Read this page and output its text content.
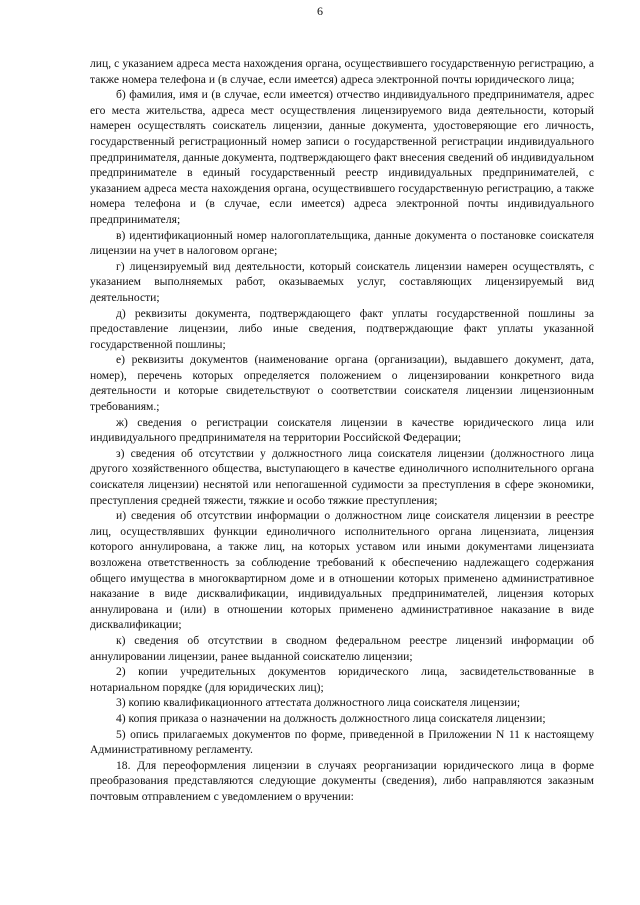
6

лиц, с указанием адреса места нахождения органа, осуществившего государственную регистрацию, а также номера телефона и (в случае, если имеется) адреса электронной почты юридического лица;

б) фамилия, имя и (в случае, если имеется) отчество индивидуального предпринимателя, адрес его места жительства, адреса мест осуществления лицензируемого вида деятельности, который намерен осуществлять соискатель лицензии, данные документа, удостоверяющие его личность, государственный регистрационный номер записи о государственной регистрации индивидуального предпринимателя, данные документа, подтверждающего факт внесения сведений об индивидуальном предпринимателе в единый государственный реестр индивидуальных предпринимателей, с указанием адреса места нахождения органа, осуществившего государственную регистрацию, а также номера телефона и (в случае, если имеется) адреса электронной почты индивидуального предпринимателя;

в) идентификационный номер налогоплательщика, данные документа о постановке соискателя лицензии на учет в налоговом органе;

г) лицензируемый вид деятельности, который соискатель лицензии намерен осуществлять, с указанием выполняемых работ, оказываемых услуг, составляющих лицензируемый вид деятельности;

д) реквизиты документа, подтверждающего факт уплаты государственной пошлины за предоставление лицензии, либо иные сведения, подтверждающие факт уплаты указанной государственной пошлины;

е) реквизиты документов (наименование органа (организации), выдавшего документ, дата, номер), перечень которых определяется положением о лицензировании конкретного вида деятельности и которые свидетельствуют о соответствии соискателя лицензии лицензионным требованиям.;

ж) сведения о регистрации соискателя лицензии в качестве юридического лица или индивидуального предпринимателя на территории Российской Федерации;

з) сведения об отсутствии у должностного лица соискателя лицензии (должностного лица другого хозяйственного общества, выступающего в качестве единоличного исполнительного органа соискателя лицензии) неснятой или непогашенной судимости за преступления в сфере экономики, преступления средней тяжести, тяжкие и особо тяжкие преступления;

и) сведения об отсутствии информации о должностном лице соискателя лицензии в реестре лиц, осуществлявших функции единоличного исполнительного органа лицензиата, лицензия которого аннулирована, а также лиц, на которых уставом или иными документами лицензиата возложена ответственность за соблюдение требований к обеспечению надлежащего содержания общего имущества в многоквартирном доме и в отношении которых применено административное наказание в виде дисквалификации, индивидуальных предпринимателей, лицензия которых аннулирована и (или) в отношении которых применено административное наказание в виде дисквалификации;

к) сведения об отсутствии в сводном федеральном реестре лицензий информации об аннулировании лицензии, ранее выданной соискателю лицензии;

2) копии учредительных документов юридического лица, засвидетельствованные в нотариальном порядке (для юридических лиц);

3) копию квалификационного аттестата должностного лица соискателя лицензии;

4) копия приказа о назначении на должность должностного лица соискателя лицензии;

5) опись прилагаемых документов по форме, приведенной в Приложении N 11 к настоящему Административному регламенту.

18. Для переоформления лицензии в случаях реорганизации юридического лица в форме преобразования представляются следующие документы (сведения), либо направляются заказным почтовым отправлением с уведомлением о вручении:
